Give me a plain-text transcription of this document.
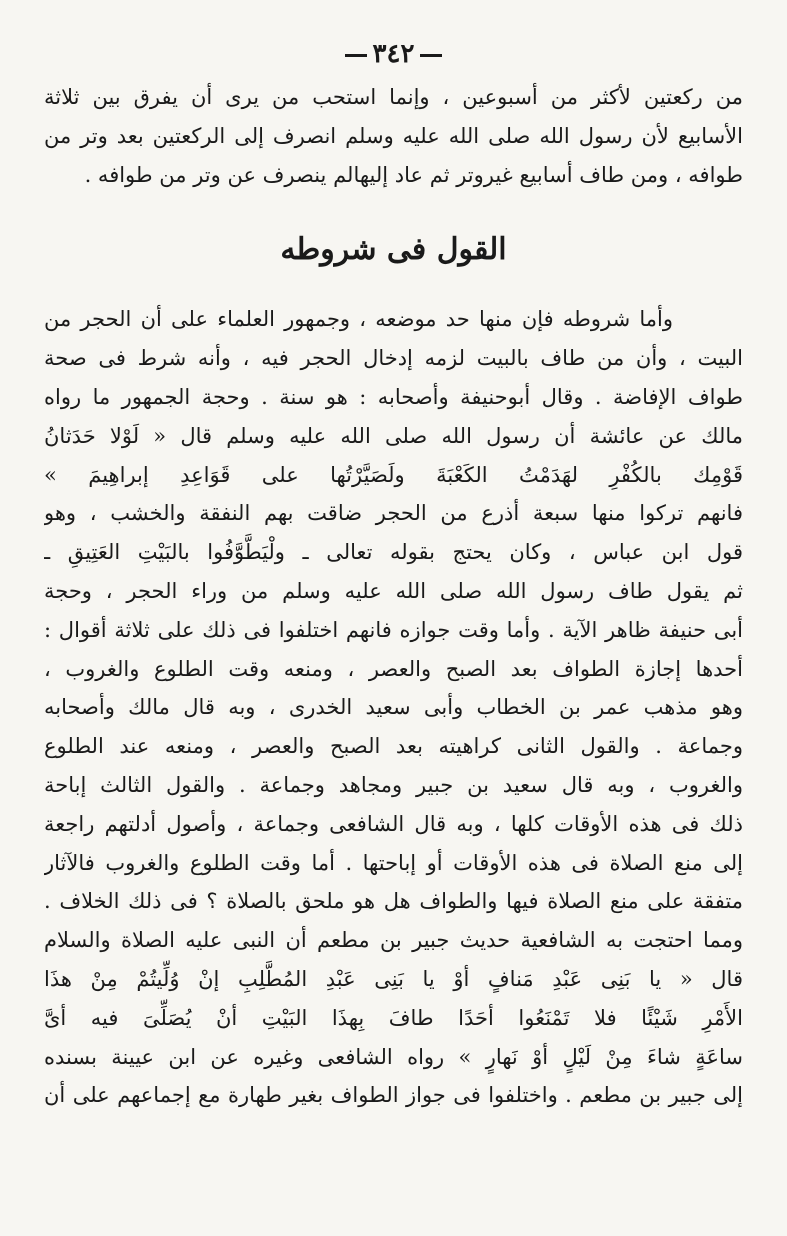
٣٤٢
من ركعتين لأكثر من أسبوعين ، وإنما استحب من يرى أن يفرق بين ثلاثة
الأسابيع لأن رسول الله صلى الله عليه وسلم انصرف إلى الركعتين بعد وتر من
طوافه ، ومن طاف أسابيع غيروتر ثم عاد إليهالم ينصرف عن وتر من طوافه .
القول فى شروطه
وأما شروطه فإن منها حد موضعه ، وجمهور العلماء على أن الحجر من
البيت ، وأن من طاف بالبيت لزمه إدخال الحجر فيه ، وأنه شرط فى صحة
طواف الإفاضة . وقال أبوحنيفة وأصحابه : هو سنة . وحجة الجمهور ما رواه
مالك عن عائشة أن رسول الله صلى الله عليه وسلم قال « لَوْلا حَدَثانُ
قَوْمِك بالكُفْرِ لهَدَمْتُ الكَعْبَةَ ولَصَيَّرْتُها على قَوَاعِدِ إبراهِيمَ »
فانهم تركوا منها سبعة أذرع من الحجر ضاقت بهم النفقة والخشب ، وهو
قول ابن عباس ، وكان يحتج بقوله تعالى ـ ولْيَطَّوَّفُوا بالبَيْتِ العَتِيقِ ـ
ثم يقول طاف رسول الله صلى الله عليه وسلم من وراء الحجر ، وحجة
أبى حنيفة ظاهر الآية . وأما وقت جوازه فانهم اختلفوا فى ذلك على ثلاثة أقوال :
أحدها إجازة الطواف بعد الصبح والعصر ، ومنعه وقت الطلوع والغروب ،
وهو مذهب عمر بن الخطاب وأبى سعيد الخدرى ، وبه قال مالك وأصحابه
وجماعة . والقول الثانى كراهيته بعد الصبح والعصر ، ومنعه عند الطلوع
والغروب ، وبه قال سعيد بن جبير ومجاهد وجماعة . والقول الثالث إباحة
ذلك فى هذه الأوقات كلها ، وبه قال الشافعى وجماعة ، وأصول أدلتهم راجعة
إلى منع الصلاة فى هذه الأوقات أو إباحتها . أما وقت الطلوع والغروب فالآثار
متفقة على منع الصلاة فيها والطواف هل هو ملحق بالصلاة ؟ فى ذلك الخلاف .
ومما احتجت به الشافعية حديث جبير بن مطعم أن النبى عليه الصلاة والسلام
قال « يا بَنِى عَبْدِ مَنافٍ أوْ يا بَنِى عَبْدِ المُطَّلِبِ إنْ وُلِّيتُمْ مِنْ هذَا
الأَمْرِ شَيْئًا فلا تَمْنَعُوا أحَدًا طافَ بِهذَا البَيْتِ أنْ يُصَلِّىَ فيه أىَّ
ساعَةٍ شاءَ مِنْ لَيْلٍ أوْ نَهارٍ » رواه الشافعى وغيره عن ابن عيينة بسنده
إلى جبير بن مطعم . واختلفوا فى جواز الطواف بغير طهارة مع إجماعهم على أن
